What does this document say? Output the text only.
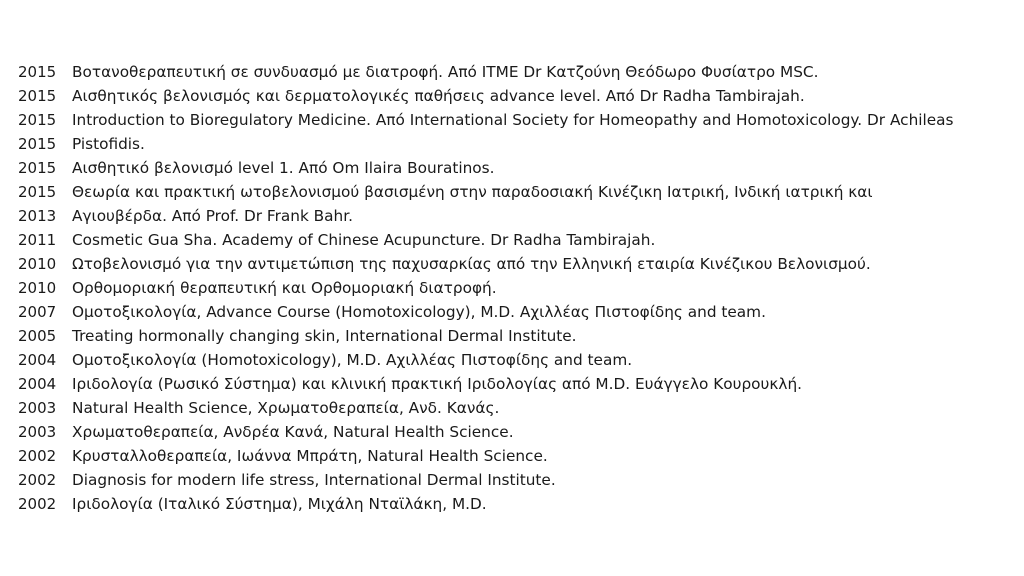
2015
2015
2015
2015
2015
2015
2013
2011
2010
2010
2007
2005
2004
2004
2003
2003
2002
2002
2002
Βοτανοθεραπευτική σε συνδυασμό με διατροφή. Από ITME Dr Κατζούνη Θεόδωρο Φυσίατρο MSC.
Αισθητικός βελονισμός και δερματολογικές παθήσεις advance level. Από Dr Radha Tambirajah.
Introduction to Bioregulatory Medicine. Από International Society for Homeopathy and Homotoxicology. Dr Achileas
Pistofidis.
Αισθητικό βελονισμό level 1. Από Om Ilaira Bouratinos.
Θεωρία και πρακτική ωτοβελονισμού βασισμένη στην παραδοσιακή Κινέζικη Ιατρική, Ινδική ιατρική και
Αγιουβέρδα. Από Prof. Dr Frank Bahr.
Cosmetic Gua Sha. Academy of Chinese Acupuncture. Dr Radha Tambirajah.
Ωτοβελονισμό για την αντιμετώπιση της παχυσαρκίας από την Ελληνική εταιρία Κινέζικου Βελονισμού.
Ορθομοριακή θεραπευτική και Ορθομοριακή διατροφή.
Ομοτοξικολογία, Advance Course (Homotoxicology), M.D. Αχιλλέας Πιστοφίδης and team.
Treating hormonally changing skin, International Dermal Institute.
Ομοτοξικολογία (Homotoxicology), M.D. Αχιλλέας Πιστοφίδης and team.
Ιριδολογία (Ρωσικό Σύστημα) και κλινική πρακτική Ιριδολογίας από M.D. Ευάγγελο Κουρουκλή.
Natural Health Science, Χρωματοθεραπεία, Ανδ. Κανάς.
Χρωματοθεραπεία, Ανδρέα Κανά, Natural Health Science.
Κρυσταλλοθεραπεία, Ιωάννα Μπράτη, Natural Health Science.
Diagnosis for modern life stress, International Dermal Institute.
Ιριδολογία (Ιταλικό Σύστημα), Μιχάλη Νταϊλάκη, M.D.
